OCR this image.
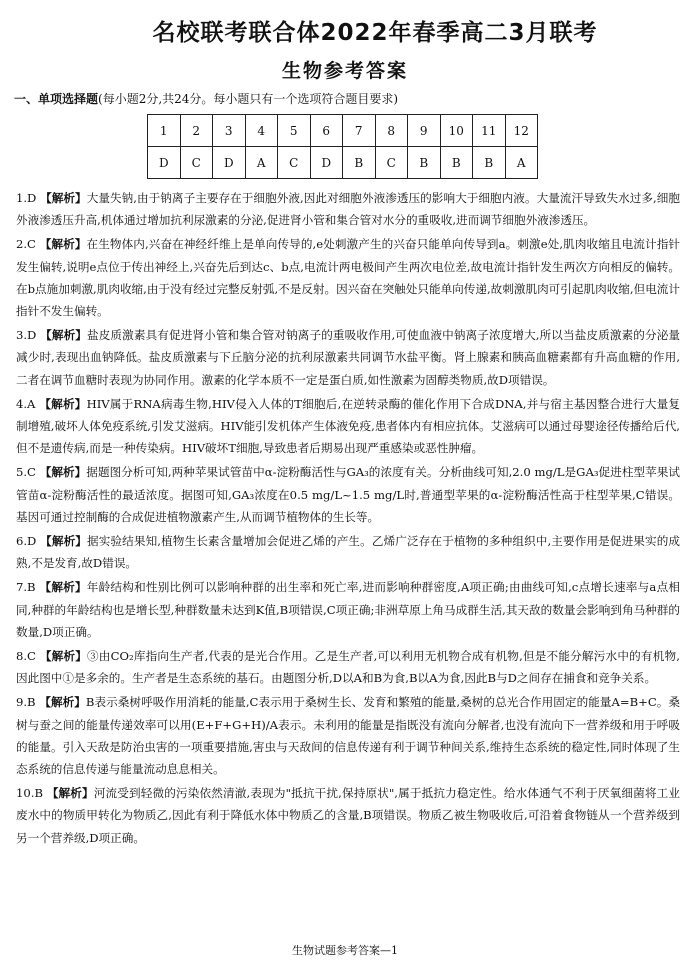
名校联考联合体2022年春季高二3月联考
生物参考答案
一、单项选择题(每小题2分,共24分。每小题只有一个选项符合题目要求)
1	2	3	4	5	6	7	8	9	10	11	12
D	C	D	A	C	D	B	C	B	B	B	A

1.D 【解析】大量失钠,由于钠离子主要存在于细胞外液,因此对细胞外液渗透压的影响大于细胞内液。大量流汗导致失水过多,细胞外液渗透压升高,机体通过增加抗利尿激素的分泌,促进肾小管和集合管对水分的重吸收,进而调节细胞外液渗透压。

2.C 【解析】在生物体内,兴奋在神经纤维上是单向传导的,e处刺激产生的兴奋只能单向传导到a。刺激e处,肌肉收缩且电流计指针发生偏转,说明e点位于传出神经上,兴奋先后到达c、b点,电流计两电极间产生两次电位差,故电流计指针发生两次方向相反的偏转。在b点施加刺激,肌肉收缩,由于没有经过完整反射弧,不是反射。因兴奋在突触处只能单向传递,故刺激肌肉可引起肌肉收缩,但电流计指针不发生偏转。

3.D 【解析】盐皮质激素具有促进肾小管和集合管对钠离子的重吸收作用,可使血液中钠离子浓度增大,所以当盐皮质激素的分泌量减少时,表现出血钠降低。盐皮质激素与下丘脑分泌的抗利尿激素共同调节水盐平衡。肾上腺素和胰高血糖素都有升高血糖的作用,二者在调节血糖时表现为协同作用。激素的化学本质不一定是蛋白质,如性激素为固醇类物质,故D项错误。

4.A 【解析】HIV属于RNA病毒生物,HIV侵入人体的T细胞后,在逆转录酶的催化作用下合成DNA,并与宿主基因整合进行大量复制增殖,破坏人体免疫系统,引发艾滋病。HIV能引发机体产生体液免疫,患者体内有相应抗体。艾滋病可以通过母婴途径传播给后代,但不是遗传病,而是一种传染病。HIV破坏T细胞,导致患者后期易出现严重感染或恶性肿瘤。

5.C 【解析】据题图分析可知,两种苹果试管苗中α-淀粉酶活性与GA₃的浓度有关。分析曲线可知,2.0 mg/L是GA₃促进柱型苹果试管苗α-淀粉酶活性的最适浓度。据图可知,GA₃浓度在0.5 mg/L~1.5 mg/L时,普通型苹果的α-淀粉酶活性高于柱型苹果,C错误。基因可通过控制酶的合成促进植物激素产生,从而调节植物体的生长等。

6.D 【解析】据实验结果知,植物生长素含量增加会促进乙烯的产生。乙烯广泛存在于植物的多种组织中,主要作用是促进果实的成熟,不是发育,故D错误。

7.B 【解析】年龄结构和性别比例可以影响种群的出生率和死亡率,进而影响种群密度,A项正确;由曲线可知,c点增长速率与a点相同,种群的年龄结构也是增长型,种群数量未达到K值,B项错误,C项正确;非洲草原上角马成群生活,其天敌的数量会影响到角马种群的数量,D项正确。

8.C 【解析】③由CO₂库指向生产者,代表的是光合作用。乙是生产者,可以利用无机物合成有机物,但是不能分解污水中的有机物,因此图中①是多余的。生产者是生态系统的基石。由题图分析,D以A和B为食,B以A为食,因此B与D之间存在捕食和竞争关系。

9.B 【解析】B表示桑树呼吸作用消耗的能量,C表示用于桑树生长、发育和繁殖的能量,桑树的总光合作用固定的能量A=B+C。桑树与蚕之间的能量传递效率可以用(E+F+G+H)/A表示。未利用的能量是指既没有流向分解者,也没有流向下一营养级和用于呼吸的能量。引入天敌是防治虫害的一项重要措施,害虫与天敌间的信息传递有利于调节种间关系,维持生态系统的稳定性,同时体现了生态系统的信息传递与能量流动息息相关。

10.B 【解析】河流受到轻微的污染依然清澈,表现为"抵抗干扰,保持原状",属于抵抗力稳定性。给水体通气不利于厌氧细菌将工业废水中的物质甲转化为物质乙,因此有利于降低水体中物质乙的含量,B项错误。物质乙被生物吸收后,可沿着食物链从一个营养级到另一个营养级,D项正确。

生物试题参考答案—1
